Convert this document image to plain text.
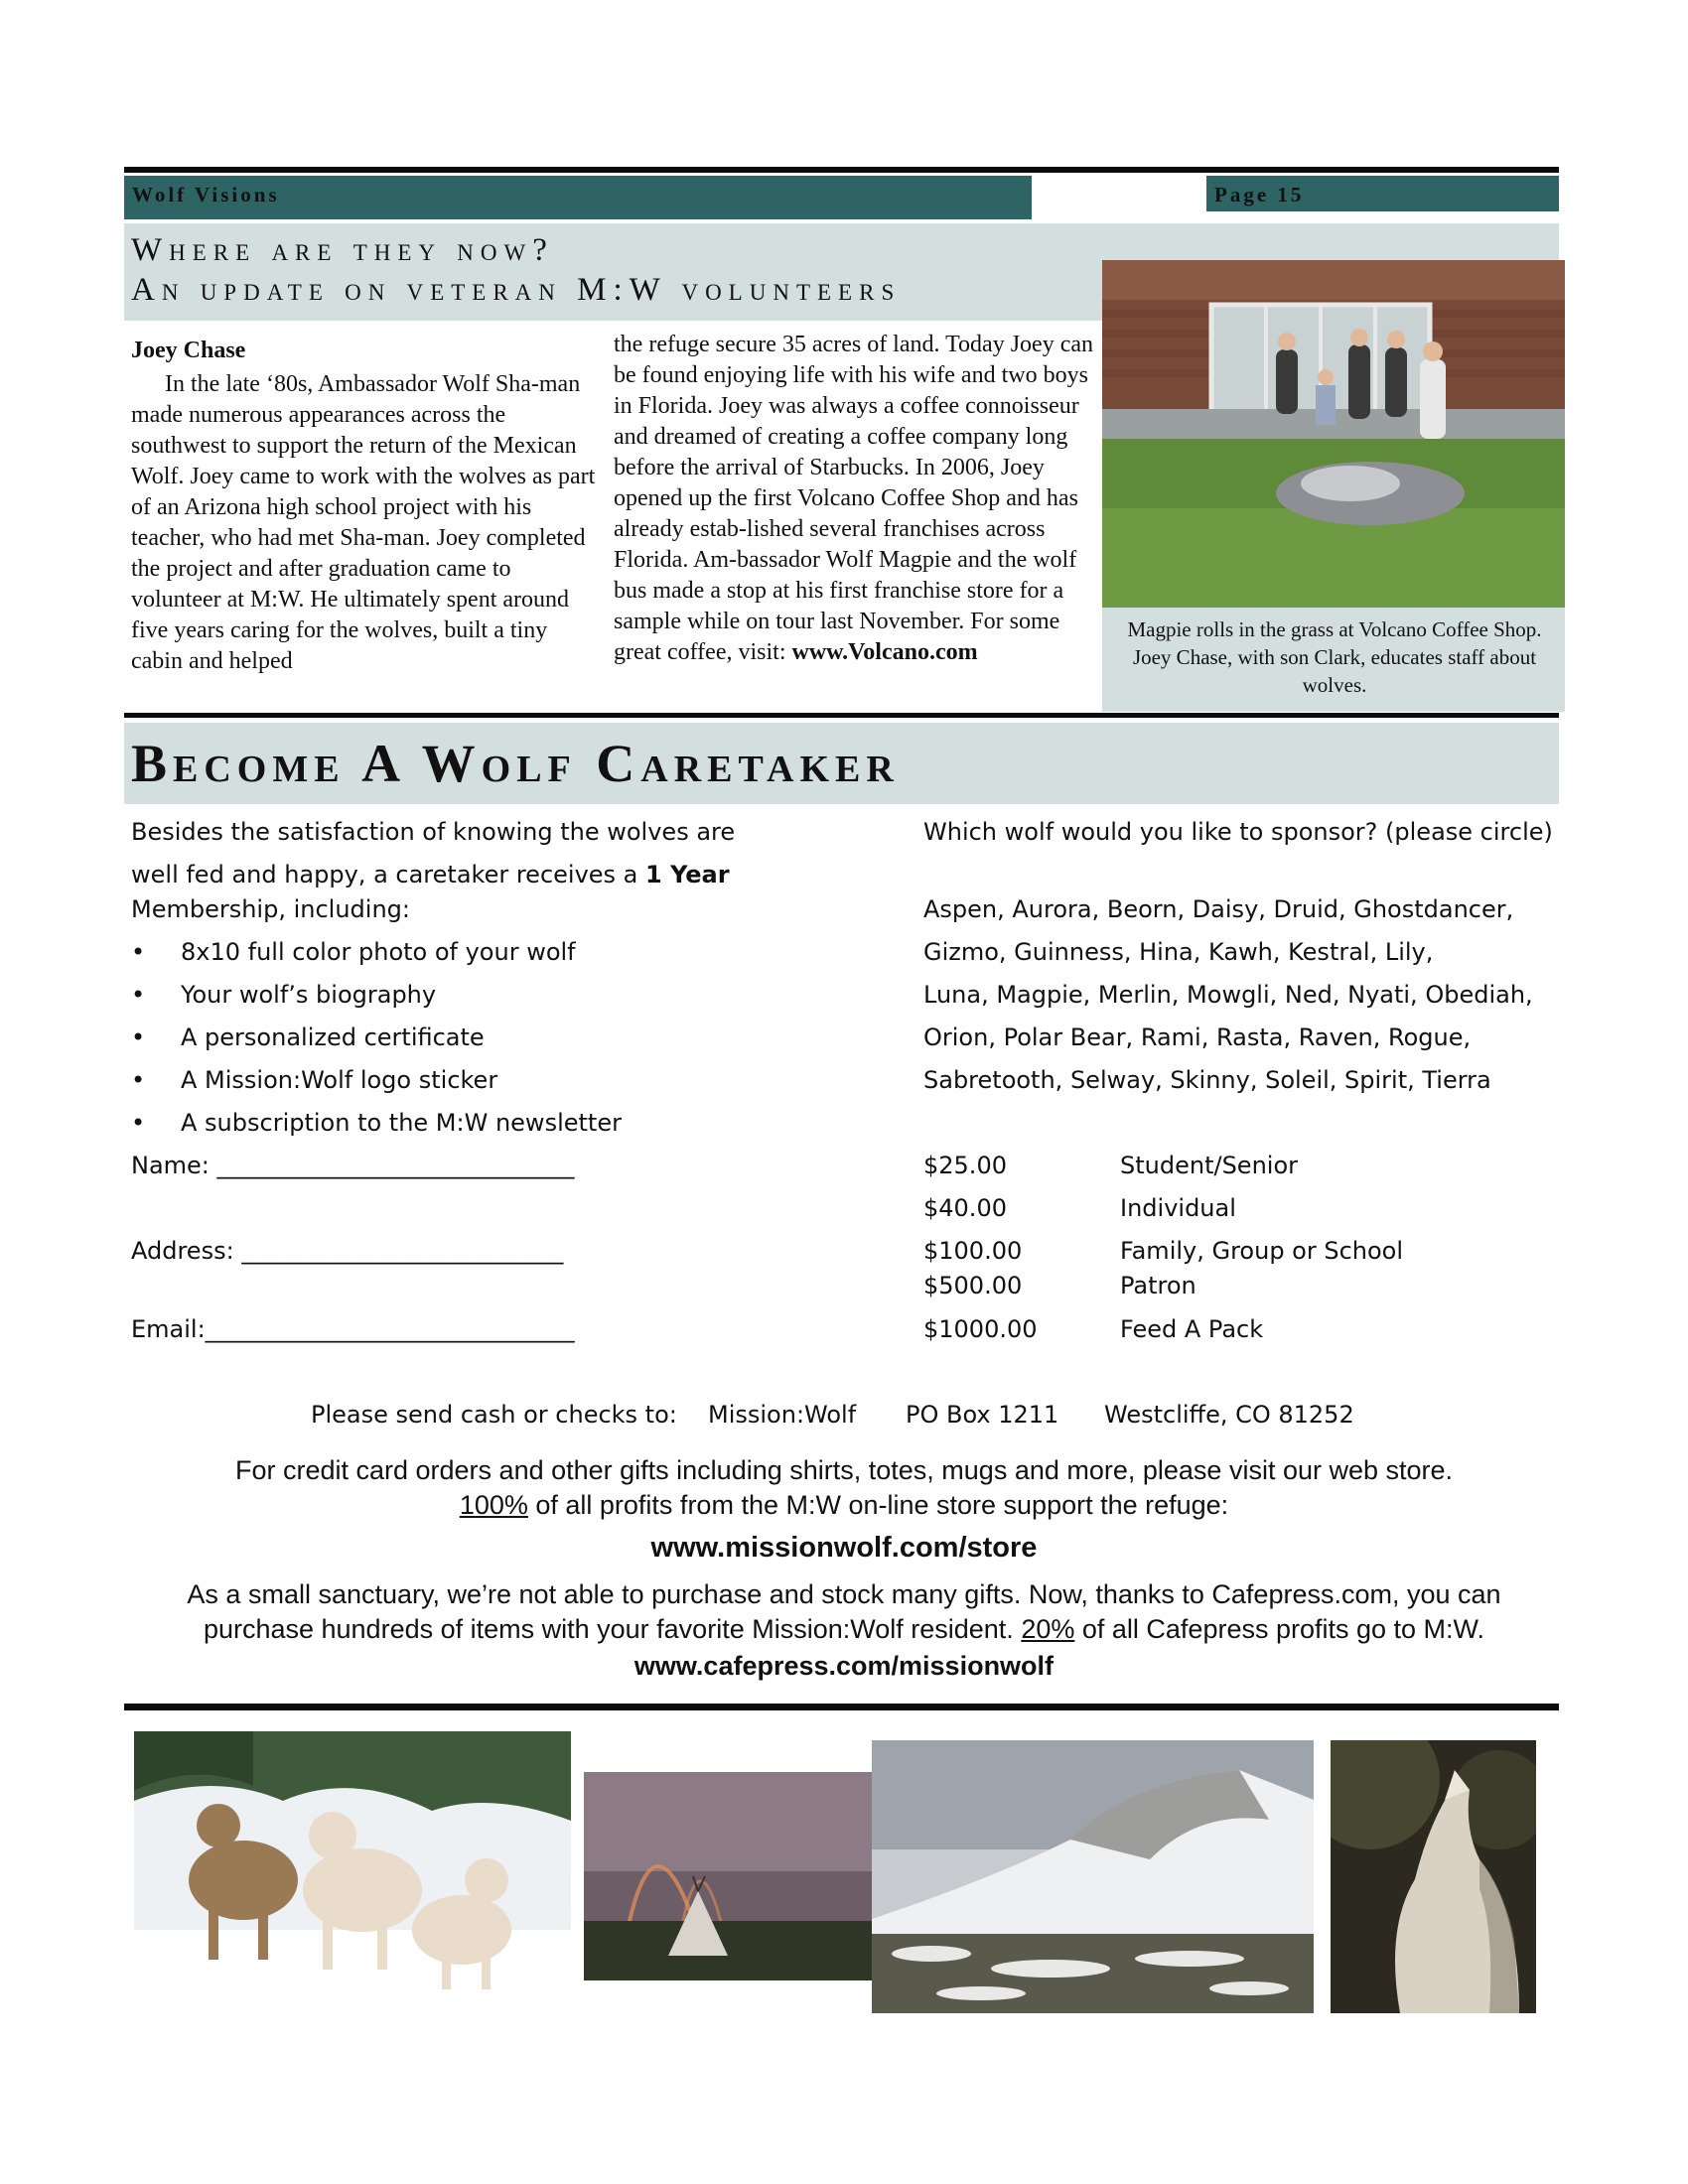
Wolf Visions	Page 15
Where are they now?
An update on veteran M:W volunteers
Joey Chase

In the late ‘80s, Ambassador Wolf Sha-man made numerous appearances across the southwest to support the return of the Mexican Wolf. Joey came to work with the wolves as part of an Arizona high school project with his teacher, who had met Sha-man. Joey completed the project and after graduation came to volunteer at M:W. He ultimately spent around five years caring for the wolves, built a tiny cabin and helped

the refuge secure 35 acres of land. Today Joey can be found enjoying life with his wife and two boys in Florida. Joey was always a coffee connoisseur and dreamed of creating a coffee company long before the arrival of Starbucks. In 2006, Joey opened up the first Volcano Coffee Shop and has already estab-lished several franchises across Florida. Am-bassador Wolf Magpie and the wolf bus made a stop at his first franchise store for a sample while on tour last November. For some great coffee, visit: www.Volcano.com

Magpie rolls in the grass at Volcano Coffee Shop. Joey Chase, with son Clark, educates staff about wolves.
Become A Wolf Caretaker
Besides the satisfaction of knowing the wolves are
well fed and happy, a caretaker receives a 1 Year
Membership, including:
• 8x10 full color photo of your wolf
• Your wolf’s biography
• A personalized certificate
• A Mission:Wolf logo sticker
• A subscription to the M:W newsletter
Name: ______________________________
Address: ___________________________
Email:_______________________________
Which wolf would you like to sponsor? (please circle)
Aspen, Aurora, Beorn, Daisy, Druid, Ghostdancer,
Gizmo, Guinness, Hina, Kawh, Kestral, Lily,
Luna, Magpie, Merlin, Mowgli, Ned, Nyati, Obediah,
Orion, Polar Bear, Rami, Rasta, Raven, Rogue,
Sabretooth, Selway, Skinny, Soleil, Spirit, Tierra
$25.00	Student/Senior
$40.00	Individual
$100.00	Family, Group or School
$500.00	Patron
$1000.00	Feed A Pack
Please send cash or checks to: Mission:Wolf PO Box 1211 Westcliffe, CO 81252
For credit card orders and other gifts including shirts, totes, mugs and more, please visit our web store.
100% of all profits from the M:W on-line store support the refuge:
www.missionwolf.com/store
As a small sanctuary, we’re not able to purchase and stock many gifts. Now, thanks to Cafepress.com, you can
purchase hundreds of items with your favorite Mission:Wolf resident. 20% of all Cafepress profits go to M:W.
www.cafepress.com/missionwolf
